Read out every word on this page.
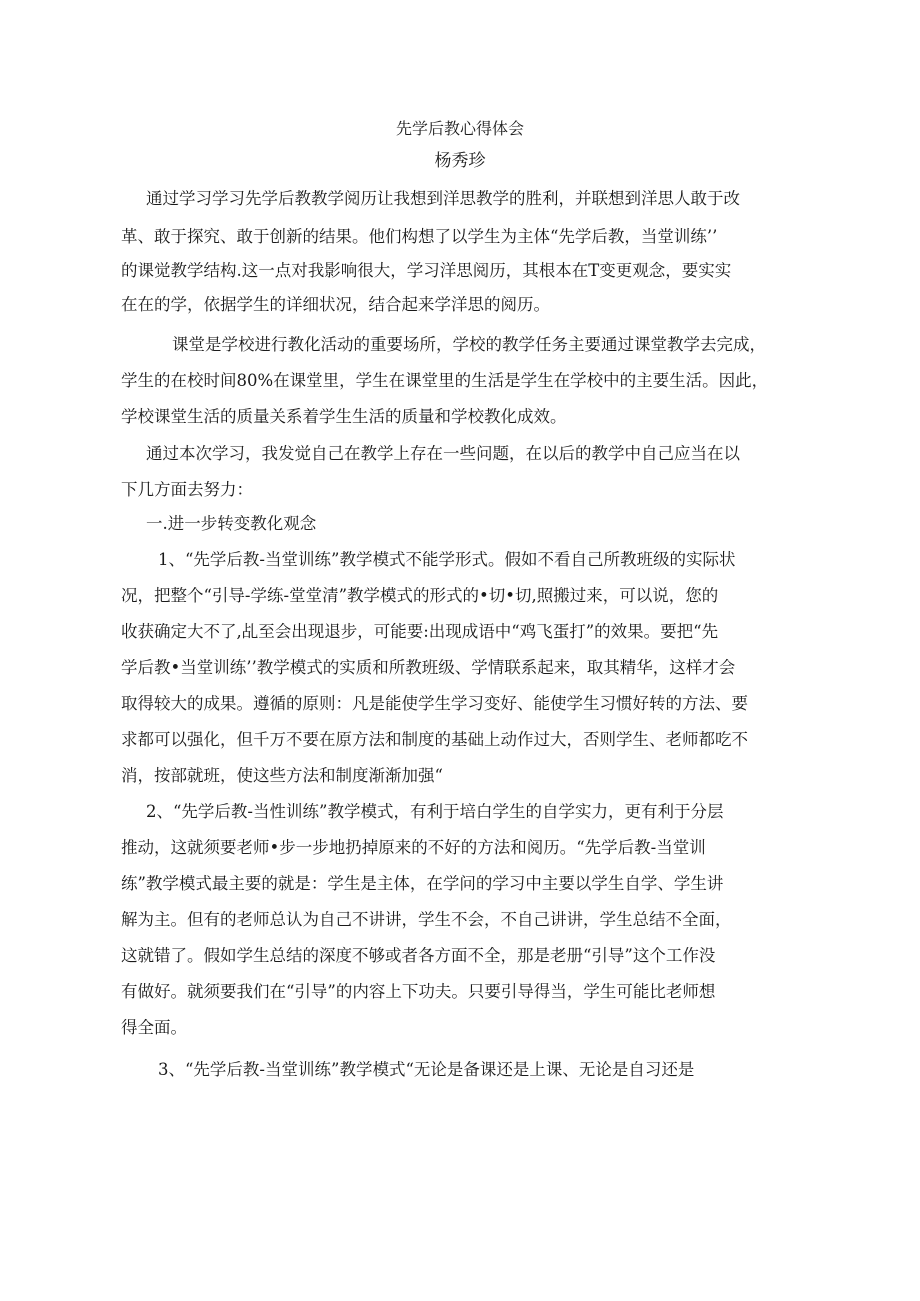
先学后教心得体会
杨秀珍
通过学习学习先学后教教学阅历让我想到洋思教学的胜利，并联想到洋思人敢于改
革、敢于探究、敢于创新的结果。他们构想了以学生为主体“先学后教，当堂训练’’
的课觉教学结构.这一点对我影响很大，学习洋思阅历，其根本在T变更观念，要实实
在在的学，依据学生的详细状况，结合起来学洋思的阅历。
课堂是学校进行教化活动的重要场所，学校的教学任务主要通过课堂教学去完成，
学生的在校时间80%在课堂里，学生在课堂里的生活是学生在学校中的主要生活。因此，
学校课堂生活的质量关系着学生生活的质量和学校教化成效。
通过本次学习，我发觉自己在教学上存在一些问题，在以后的教学中自己应当在以
下几方面去努力：
一.进一步转变教化观念
1、“先学后教-当堂训练”教学模式不能学形式。假如不看自己所教班级的实际状
况，把整个“引导-学练-堂堂清”教学模式的形式的•切•切,照搬过来，可以说，您的
收获确定大不了,乩至会出现退步，可能要:出现成语中“鸡飞蛋打”的效果。要把“先
学后教•当堂训练’’教学模式的实质和所教班级、学情联系起来，取其精华，这样才会
取得较大的成果。遵循的原则：凡是能使学生学习变好、能使学生习惯好转的方法、要
求都可以强化，但千万不要在原方法和制度的基础上动作过大，否则学生、老师都吃不
消，按部就班，使这些方法和制度渐渐加强“
2、“先学后教-当性训练”教学模式，有利于培白学生的自学实力，更有利于分层
推动，这就须要老师•步一步地扔掉原来的不好的方法和阅历。“先学后教-当堂训
练”教学模式最主要的就是：学生是主体，在学问的学习中主要以学生自学、学生讲
解为主。但有的老师总认为自己不讲讲，学生不会，不自己讲讲，学生总结不全面，
这就错了。假如学生总结的深度不够或者各方面不全，那是老册“引导”这个工作没
有做好。就须要我们在“引导”的内容上下功夫。只要引导得当，学生可能比老师想
得全面。
3、“先学后教-当堂训练”教学模式“无论是备课还是上课、无论是自习还是
